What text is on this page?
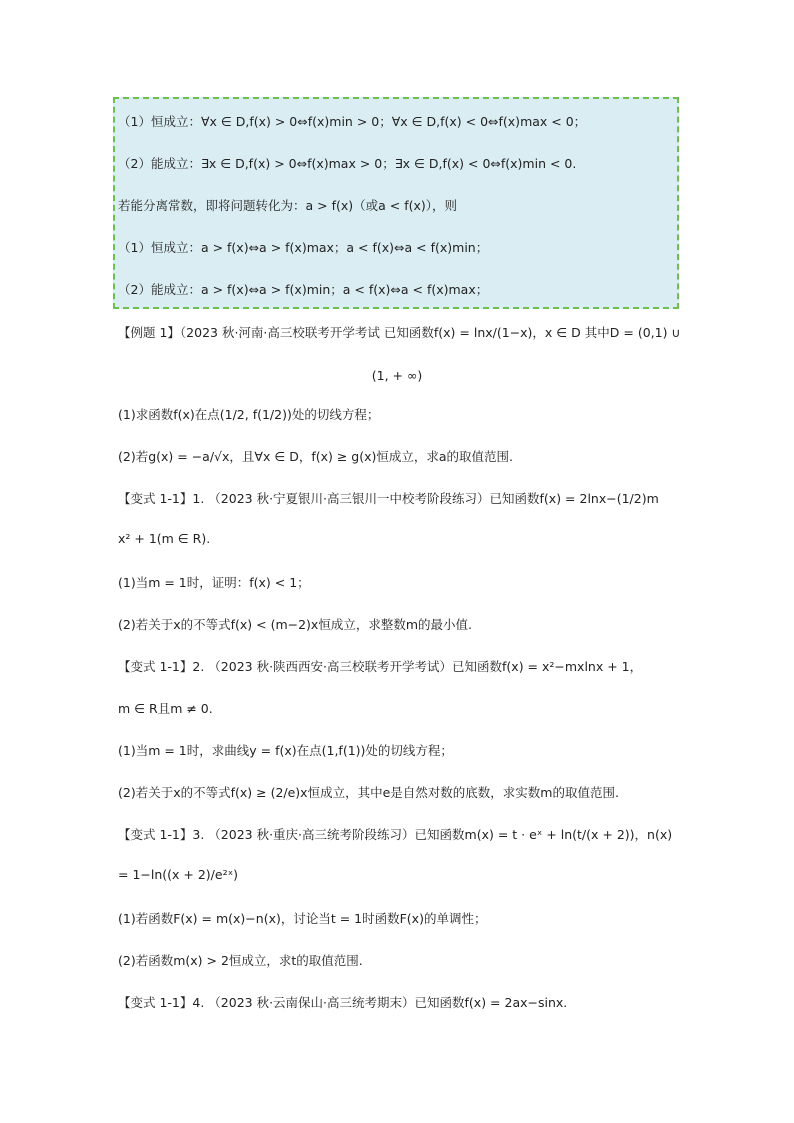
（1）恒成立：∀x ∈ D,f(x) > 0⇔f(x)min > 0；∀x ∈ D,f(x) < 0⇔f(x)max < 0；
（2）能成立：∃x ∈ D,f(x) > 0⇔f(x)max > 0；∃x ∈ D,f(x) < 0⇔f(x)min < 0.
若能分离常数，即将问题转化为：a > f(x)（或a < f(x)），则
（1）恒成立：a > f(x)⇔a > f(x)max；a < f(x)⇔a < f(x)min；
（2）能成立：a > f(x)⇔a > f(x)min；a < f(x)⇔a < f(x)max；
【例题 1】（2023 秋·河南·高三校联考开学考试 已知函数f(x) = lnx/(1−x)，x ∈ D 其中D = (0,1) ∪
(1, + ∞)
(1)求函数f(x)在点(1/2, f(1/2))处的切线方程；
(2)若g(x) = −a/√x，且∀x ∈ D，f(x) ≥ g(x)恒成立，求a的取值范围.
【变式 1-1】1. （2023 秋·宁夏银川·高三银川一中校考阶段练习）已知函数f(x) = 2lnx−(1/2)m
x² + 1(m ∈ R).
(1)当m = 1时，证明：f(x) < 1；
(2)若关于x的不等式f(x) < (m−2)x恒成立，求整数m的最小值.
【变式 1-1】2. （2023 秋·陕西西安·高三校联考开学考试）已知函数f(x) = x²−mxlnx + 1，
m ∈ R且m ≠ 0.
(1)当m = 1时，求曲线y = f(x)在点(1,f(1))处的切线方程；
(2)若关于x的不等式f(x) ≥ (2/e)x恒成立，其中e是自然对数的底数，求实数m的取值范围.
【变式 1-1】3. （2023 秋·重庆·高三统考阶段练习）已知函数m(x) = t · eˣ + ln(t/(x + 2))，n(x)
= 1−ln((x + 2)/e²ˣ)
(1)若函数F(x) = m(x)−n(x)，讨论当t = 1时函数F(x)的单调性；
(2)若函数m(x) > 2恒成立，求t的取值范围.
【变式 1-1】4. （2023 秋·云南保山·高三统考期末）已知函数f(x) = 2ax−sinx.
